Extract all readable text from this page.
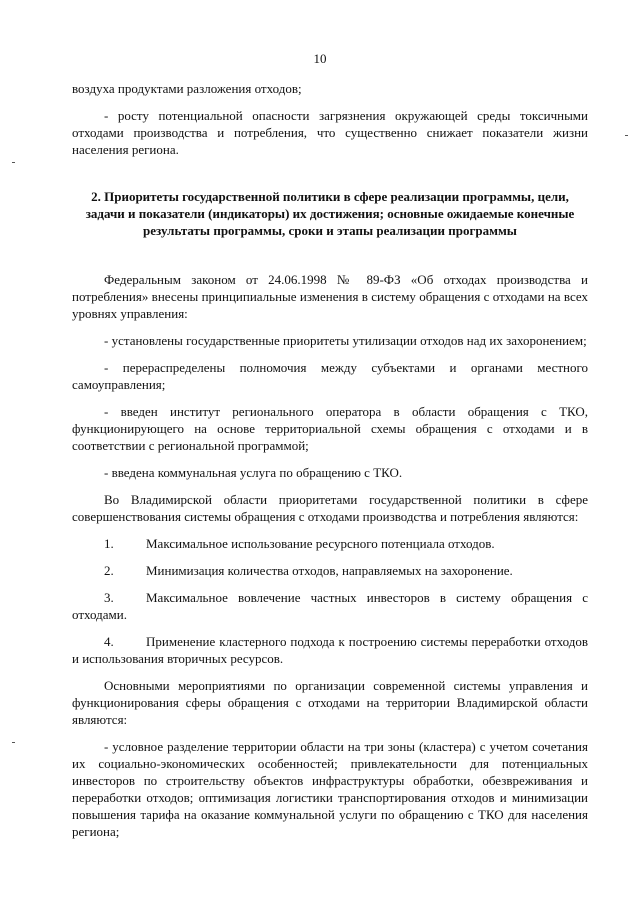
10

воздуха продуктами разложения отходов;

- росту потенциальной опасности загрязнения окружающей среды токсичными отходами производства и потребления, что существенно снижает показатели жизни населения региона.

2. Приоритеты государственной политики в сфере реализации программы, цели, задачи и показатели (индикаторы) их достижения; основные ожидаемые конечные результаты программы, сроки и этапы реализации программы

Федеральным законом от 24.06.1998 № 89-ФЗ «Об отходах производства и потребления» внесены принципиальные изменения в систему обращения с отходами на всех уровнях управления:

- установлены государственные приоритеты утилизации отходов над их захоронением;

- перераспределены полномочия между субъектами и органами местного самоуправления;

- введен институт регионального оператора в области обращения с ТКО, функционирующего на основе территориальной схемы обращения с отходами и в соответствии с региональной программой;

- введена коммунальная услуга по обращению с ТКО.

Во Владимирской области приоритетами государственной политики в сфере совершенствования системы обращения с отходами производства и потребления являются:

1. Максимальное использование ресурсного потенциала отходов.

2. Минимизация количества отходов, направляемых на захоронение.

3. Максимальное вовлечение частных инвесторов в систему обращения с отходами.

4. Применение кластерного подхода к построению системы переработки отходов и использования вторичных ресурсов.

Основными мероприятиями по организации современной системы управления и функционирования сферы обращения с отходами на территории Владимирской области являются:

- условное разделение территории области на три зоны (кластера) с учетом сочетания их социально-экономических особенностей; привлекательности для потенциальных инвесторов по строительству объектов инфраструктуры обработки, обезвреживания и переработки отходов; оптимизация логистики транспортирования отходов и минимизации повышения тарифа на оказание коммунальной услуги по обращению с ТКО для населения региона;
